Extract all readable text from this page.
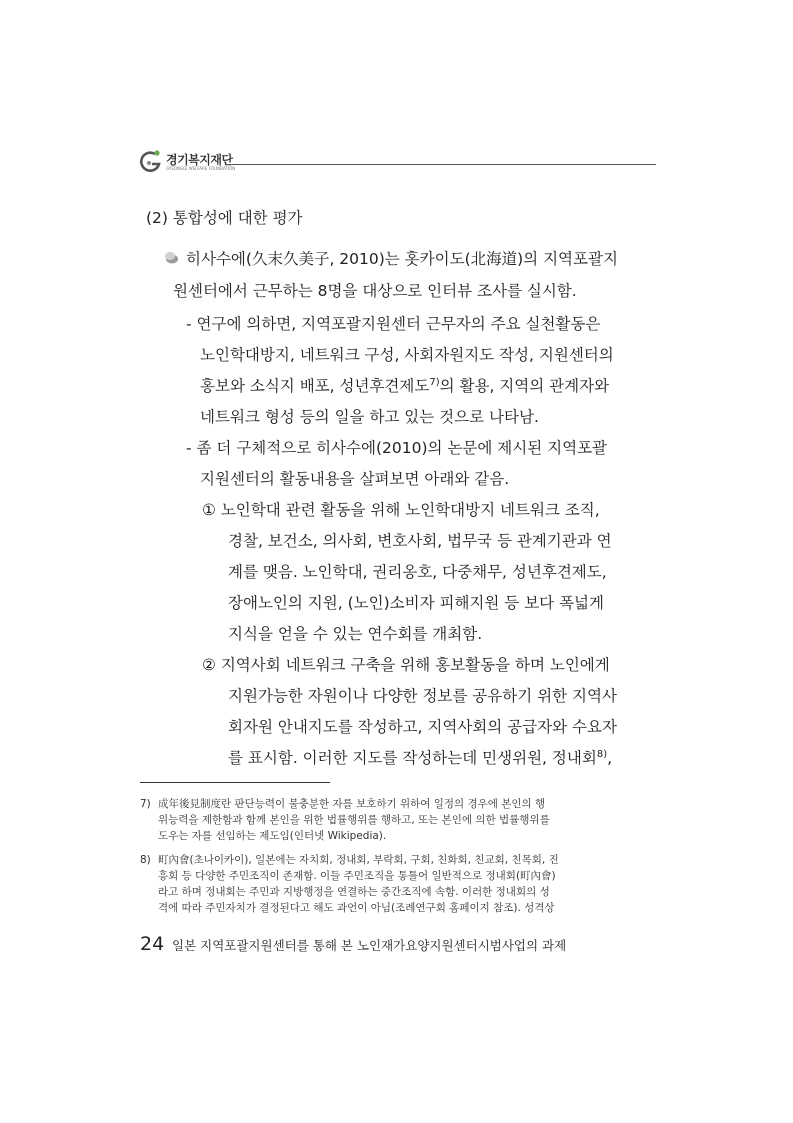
경기복지재단
GYEONGGI WELFARE FOUNDATION
(2) 통합성에 대한 평가
히사수에(久末久美子, 2010)는 홋카이도(北海道)의 지역포괄지
원센터에서 근무하는 8명을 대상으로 인터뷰 조사를 실시함.
- 연구에 의하면, 지역포괄지원센터 근무자의 주요 실천활동은
노인학대방지, 네트워크 구성, 사회자원지도 작성, 지원센터의
홍보와 소식지 배포, 성년후견제도$^{7)}$의 활용, 지역의 관계자와
네트워크 형성 등의 일을 하고 있는 것으로 나타남.
- 좀 더 구체적으로 히사수에(2010)의 논문에 제시된 지역포괄
지원센터의 활동내용을 살펴보면 아래와 같음.
① 노인학대 관련 활동을 위해 노인학대방지 네트워크 조직,
경찰, 보건소, 의사회, 변호사회, 법무국 등 관계기관과 연
계를 맺음. 노인학대, 권리옹호, 다중채무, 성년후견제도,
장애노인의 지원, (노인)소비자 피해지원 등 보다 폭넓게
지식을 얻을 수 있는 연수회를 개최함.
② 지역사회 네트워크 구축을 위해 홍보활동을 하며 노인에게
지원가능한 자원이나 다양한 정보를 공유하기 위한 지역사
회자원 안내지도를 작성하고, 지역사회의 공급자와 수요자
를 표시함. 이러한 지도를 작성하는데 민생위원, 정내회$^{8)}$,
7) 成年後見制度란 판단능력이 불충분한 자를 보호하기 위하여 일정의 경우에 본인의 행
위능력을 제한함과 함께 본인을 위한 법률행위를 행하고, 또는 본인에 의한 법률행위를
도우는 자를 선임하는 제도임(인터넷 Wikipedia).
8) 町內會(초나이카이), 일본에는 자치회, 정내회, 부락회, 구회, 친화회, 친교회, 친목회, 진
흥회 등 다양한 주민조직이 존재함. 이들 주민조직을 통틀어 일반적으로 정내회(町內會)
라고 하며 정내회는 주민과 지방행정을 연결하는 중간조직에 속함. 이러한 정내회의 성
격에 따라 주민자치가 결정된다고 해도 과언이 아님(조례연구회 홈페이지 참조). 성격상
24 일본 지역포괄지원센터를 통해 본 노인재가요양지원센터시범사업의 과제
